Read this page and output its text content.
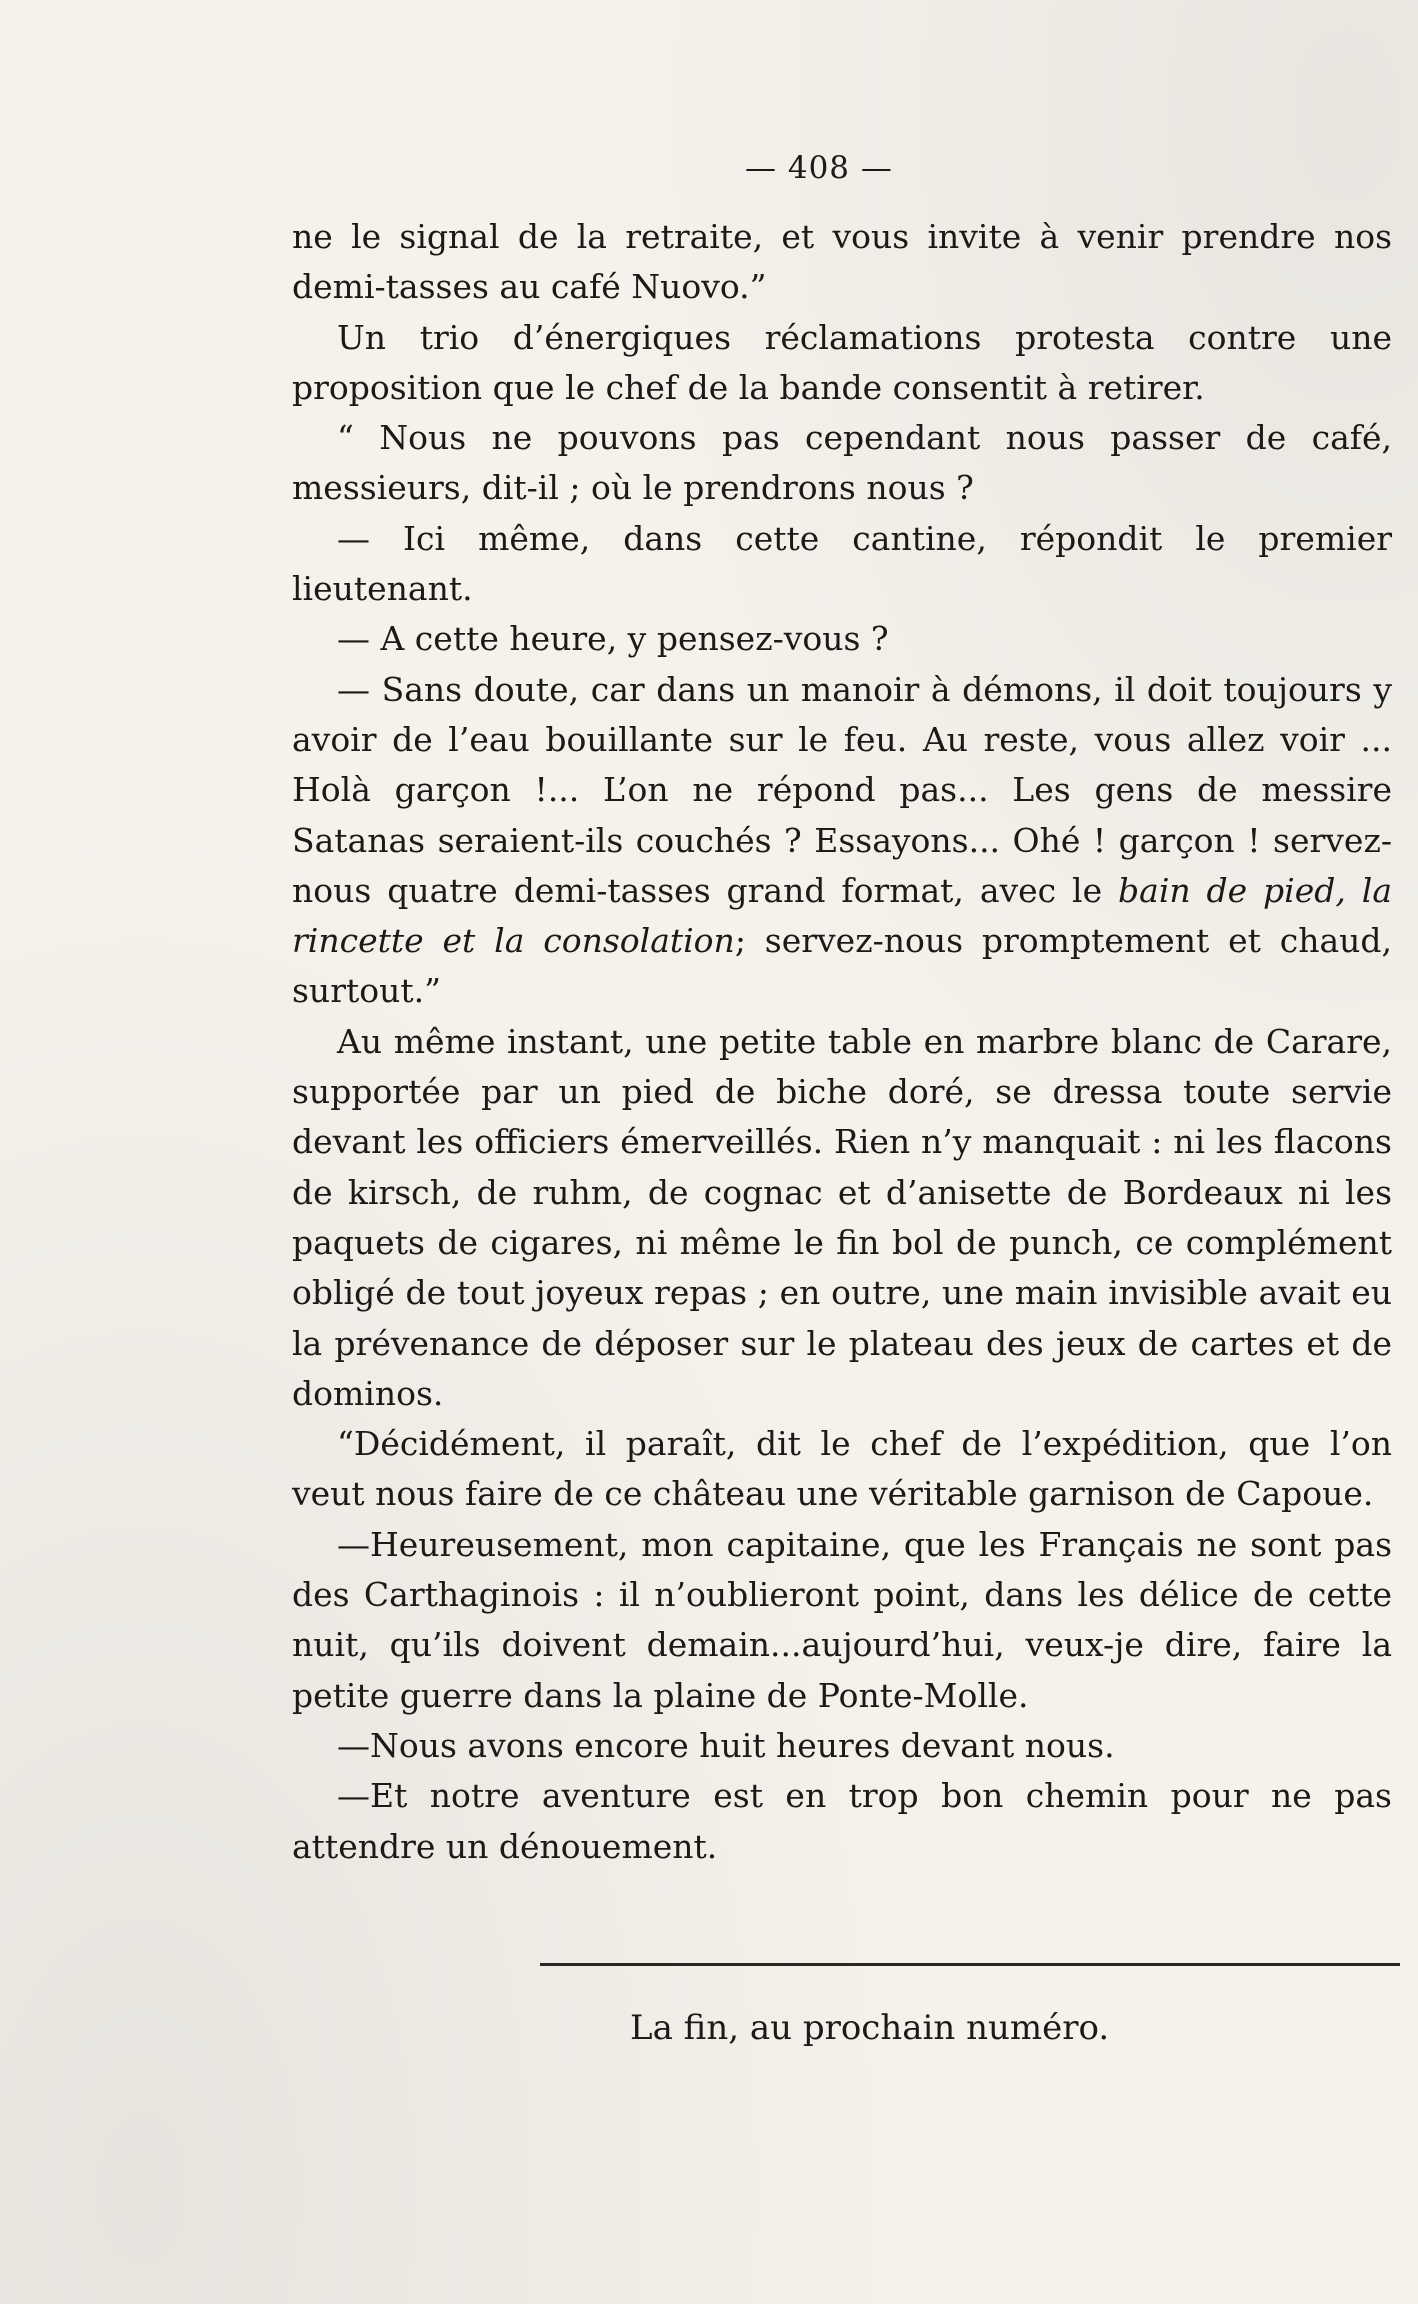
— 408 —

ne le signal de la retraite, et vous invite à venir prendre nos demi-tasses au café Nuovo.”

Un trio d’énergiques réclamations protesta contre une proposition que le chef de la bande consentit à retirer.

“ Nous ne pouvons pas cependant nous passer de café, messieurs, dit-il ; où le prendrons nous ?

— Ici même, dans cette cantine, répondit le premier lieutenant.

— A cette heure, y pensez-vous ?

— Sans doute, car dans un manoir à démons, il doit toujours y avoir de l’eau bouillante sur le feu. Au reste, vous allez voir ... Holà garçon !... L’on ne répond pas... Les gens de messire Satanas seraient-ils couchés ? Essayons... Ohé ! garçon ! servez-nous quatre demi-tasses grand format, avec le bain de pied, la rincette et la consolation; servez-nous promptement et chaud, surtout.”

Au même instant, une petite table en marbre blanc de Carare, supportée par un pied de biche doré, se dressa toute servie devant les officiers émerveillés. Rien n’y manquait : ni les flacons de kirsch, de ruhm, de cognac et d’anisette de Bordeaux ni les paquets de cigares, ni même le fin bol de punch, ce complément obligé de tout joyeux repas ; en outre, une main invisible avait eu la prévenance de déposer sur le plateau des jeux de cartes et de dominos.

“Décidément, il paraît, dit le chef de l’expédition, que l’on veut nous faire de ce château une véritable garnison de Capoue.

—Heureusement, mon capitaine, que les Français ne sont pas des Carthaginois : il n’oublieront point, dans les délice de cette nuit, qu’ils doivent demain...aujourd’hui, veux-je dire, faire la petite guerre dans la plaine de Ponte-Molle.

—Nous avons encore huit heures devant nous.

—Et notre aventure est en trop bon chemin pour ne pas attendre un dénouement.

La fin, au prochain numéro.
